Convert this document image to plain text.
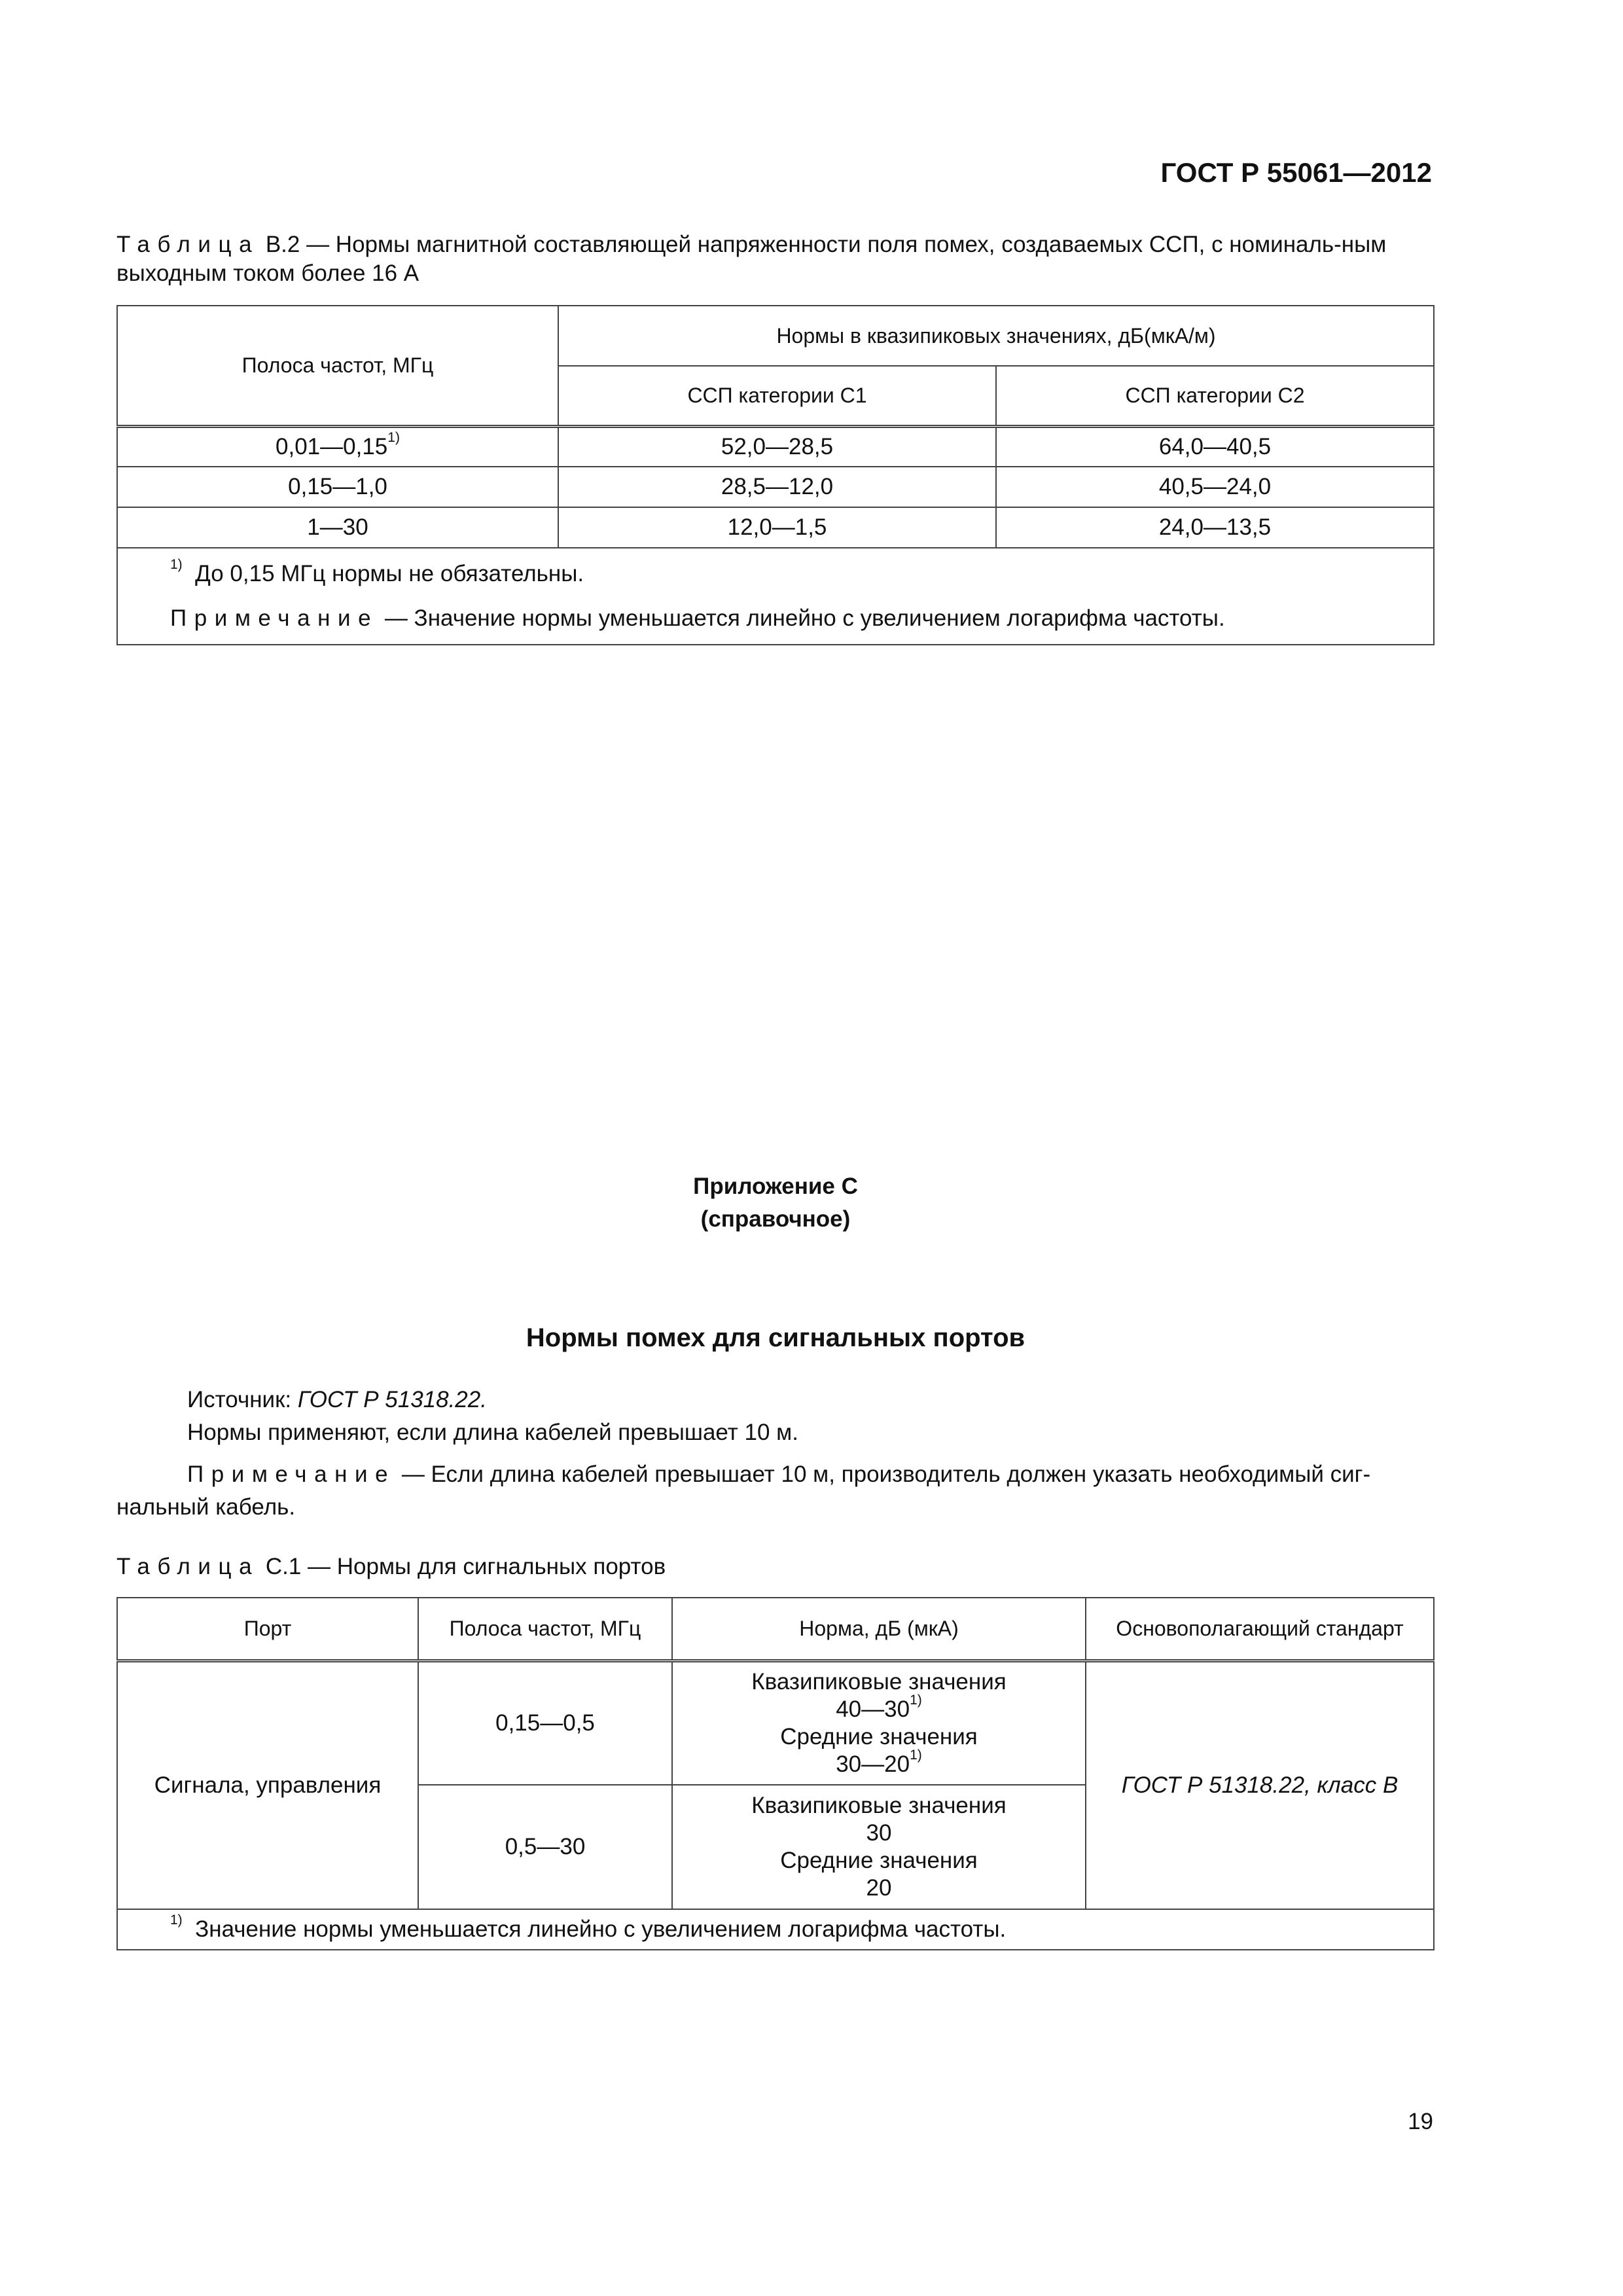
ГОСТ Р 55061—2012
Таблица В.2 — Нормы магнитной составляющей напряженности поля помех, создаваемых ССП, с номиналь-ным выходным током более 16 А
Полоса частот, МГц	Нормы в квазипиковых значениях, дБ(мкА/м)	
	ССП категории С1	ССП категории С2
0,01—0,15$^{1)}$	52,0—28,5	64,0—40,5
0,15—1,0	28,5—12,0	40,5—24,0
1—30	12,0—1,5	24,0—13,5

$^{1)}$ До 0,15 МГц нормы не обязательны.
Примечание — Значение нормы уменьшается линейно с увеличением логарифма частоты.		
Приложение С
(справочное)
Нормы помех для сигнальных портов
Источник: ГОСТ Р 51318.22.
Нормы применяют, если длина кабелей превышает 10 м.
Примечание — Если длина кабелей превышает 10 м, производитель должен указать необходимый сиг-нальный кабель.
Таблица С.1 — Нормы для сигнальных портов
Порт	Полоса частот, МГц	Норма, дБ (мкА)	Основополагающий стандарт
Сигнала, управления	0,15—0,5	Квазипиковые значения
40—30$^{1)}$
Средние значения
30—20$^{1)}$	ГОСТ Р 51318.22, класс В
	0,5—30	Квазипиковые значения
30
Средние значения
20	

$^{1)}$ Значение нормы уменьшается линейно с увеличением логарифма частоты.			
19
